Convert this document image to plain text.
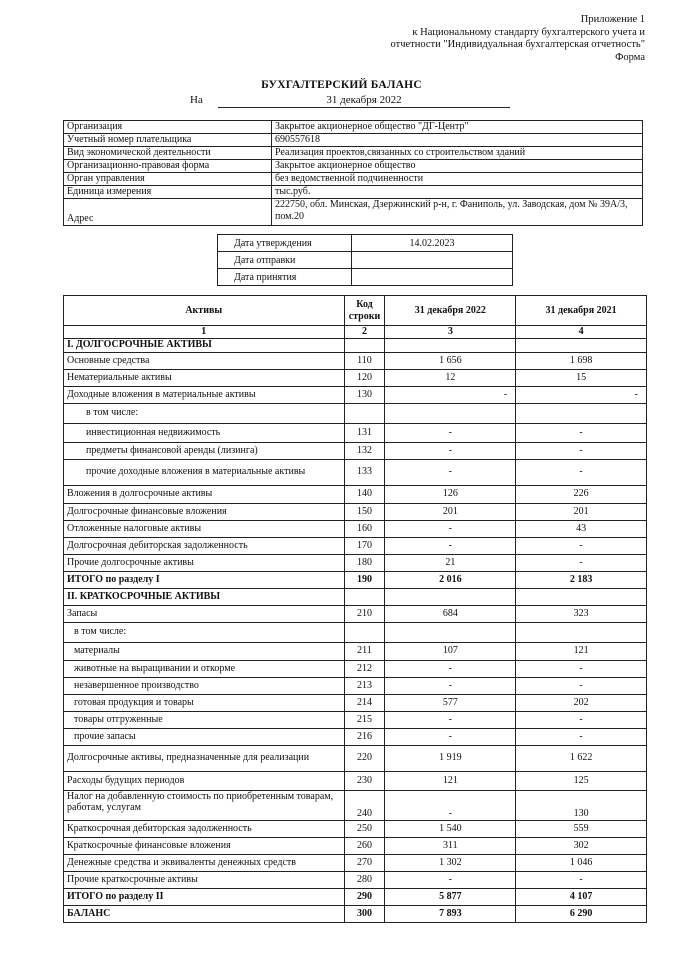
Приложение 1
к Национальному стандарту бухгалтерского учета и
отчетности "Индивидуальная бухгалтерская отчетность"
Форма
БУХГАЛТЕРСКИЙ БАЛАНС
На	31 декабря 2022
Организация	Закрытое акционерное общество "ДГ-Центр"
Учетный номер плательщика	690557618
Вид экономической деятельности	Реализация проектов,связанных со строительством зданий
Организационно-правовая форма	Закрытое акционерное общество
Орган управления	без ведомственной подчиненности
Единица измерения	тыс.руб.
Адрес	222750, обл. Минская, Дзержинский р-н, г. Фаниполь, ул. Заводская, дом № 39А/3, пом.20
Дата утверждения	14.02.2023
Дата отправки	
Дата принятия	
Активы	Код строки	31 декабря 2022	31 декабря 2021
1	2	3	4
I. ДОЛГОСРОЧНЫЕ АКТИВЫ			
Основные средства	110	1 656	1 698
Нематериальные активы	120	12	15
Доходные вложения в материальные активы	130	-	-
в том числе:			
инвестиционная недвижимость	131	-	-
предметы финансовой аренды (лизинга)	132	-	-
прочие доходные вложения в материальные активы	133	-	-
Вложения в долгосрочные активы	140	126	226
Долгосрочные финансовые вложения	150	201	201
Отложенные налоговые активы	160	-	43
Долгосрочная дебиторская задолженность	170	-	-
Прочие долгосрочные активы	180	21	-
ИТОГО по разделу I	190	2 016	2 183
II. КРАТКОСРОЧНЫЕ АКТИВЫ			
Запасы	210	684	323
в том числе:			
материалы	211	107	121
животные на выращивании и откорме	212	-	-
незавершенное производство	213	-	-
готовая продукция и товары	214	577	202
товары отгруженные	215	-	-
прочие запасы	216	-	-
Долгосрочные активы, предназначенные для реализации	220	1 919	1 622
Расходы будущих периодов	230	121	125
Налог на добавленную стоимость по приобретенным товарам, работам, услугам	240	-	130
Краткосрочная дебиторская задолженность	250	1 540	559
Краткосрочные финансовые вложения	260	311	302
Денежные средства и эквиваленты денежных средств	270	1 302	1 046
Прочие краткосрочные активы	280	-	-
ИТОГО по разделу II	290	5 877	4 107
БАЛАНС	300	7 893	6 290
